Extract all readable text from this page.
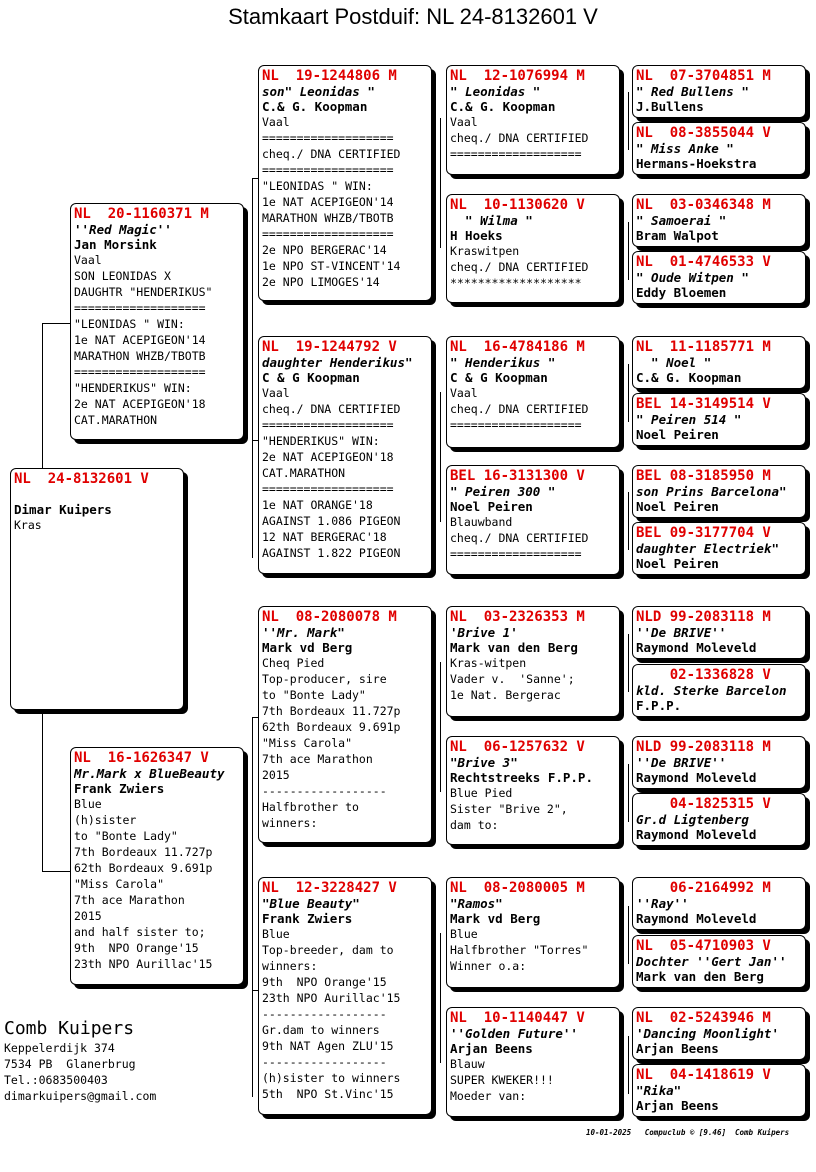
Stamkaart Postduif: NL 24-8132601 V
NL  24-8132601 V
Dimar Kuipers
Kras
NL  20-1160371 M
''Red Magic''
Jan Morsink
Vaal
SON LEONIDAS X
DAUGHTR "HENDERIKUS"
===================
"LEONIDAS " WIN:
1e NAT ACEPIGEON'14
MARATHON WHZB/TBOTB
===================
"HENDERIKUS" WIN:
2e NAT ACEPIGEON'18
CAT.MARATHON
NL  16-1626347 V
Mr.Mark x BlueBeauty
Frank Zwiers
Blue
(h)sister
to "Bonte Lady"
7th Bordeaux 11.727p
62th Bordeaux 9.691p
"Miss Carola"
7th ace Marathon
2015
and half sister to;
9th  NPO Orange'15
23th NPO Aurillac'15
NL  19-1244806 M
son" Leonidas "
C.& G. Koopman
Vaal
===================
cheq./ DNA CERTIFIED
===================
"LEONIDAS " WIN:
1e NAT ACEPIGEON'14
MARATHON WHZB/TBOTB
===================
2e NPO BERGERAC'14
1e NPO ST-VINCENT'14
2e NPO LIMOGES'14
NL  19-1244792 V
daughter Henderikus"
C & G Koopman
Vaal
cheq./ DNA CERTIFIED
===================
"HENDERIKUS" WIN:
2e NAT ACEPIGEON'18
CAT.MARATHON
===================
1e NAT ORANGE'18
AGAINST 1.086 PIGEON
12 NAT BERGERAC'18
AGAINST 1.822 PIGEON
NL  08-2080078 M
''Mr. Mark"
Mark vd Berg
Cheq Pied
Top-producer, sire
to "Bonte Lady"
7th Bordeaux 11.727p
62th Bordeaux 9.691p
"Miss Carola"
7th ace Marathon
2015
------------------
Halfbrother to
winners:
NL  12-3228427 V
"Blue Beauty"
Frank Zwiers
Blue
Top-breeder, dam to
winners:
9th  NPO Orange'15
23th NPO Aurillac'15
------------------
Gr.dam to winners
9th NAT Agen ZLU'15
------------------
(h)sister to winners
5th  NPO St.Vinc'15
NL  12-1076994 M
" Leonidas "
C.& G. Koopman
Vaal
cheq./ DNA CERTIFIED
===================
NL  10-1130620 V
" Wilma "
H Hoeks
Kraswitpen
cheq./ DNA CERTIFIED
*******************
NL  16-4784186 M
" Henderikus "
C & G Koopman
Vaal
cheq./ DNA CERTIFIED
===================
BEL 16-3131300 V
" Peiren 300 "
Noel Peiren
Blauwband
cheq./ DNA CERTIFIED
===================
NL  03-2326353 M
'Brive 1'
Mark van den Berg
Kras-witpen
Vader v.  'Sanne';
1e Nat. Bergerac
NL  06-1257632 V
"Brive 3"
Rechtstreeks F.P.P.
Blue Pied
Sister "Brive 2",
dam to:
NL  08-2080005 M
"Ramos"
Mark vd Berg
Blue
Halfbrother "Torres"
Winner o.a:
NL  10-1140447 V
''Golden Future''
Arjan Beens
Blauw
SUPER KWEKER!!!
Moeder van:
NL  07-3704851 M
" Red Bullens "
J.Bullens
NL  08-3855044 V
" Miss Anke "
Hermans-Hoekstra
NL  03-0346348 M
" Samoerai "
Bram Walpot
NL  01-4746533 V
" Oude Witpen "
Eddy Bloemen
NL  11-1185771 M
" Noel "
C.& G. Koopman
BEL 14-3149514 V
" Peiren 514 "
Noel Peiren
BEL 08-3185950 M
son Prins Barcelona"
Noel Peiren
BEL 09-3177704 V
daughter Electriek"
Noel Peiren
NLD 99-2083118 M
''De BRIVE''
Raymond Moleveld
02-1336828 V
kld. Sterke Barcelon
F.P.P.
NLD 99-2083118 M
''De BRIVE''
Raymond Moleveld
04-1825315 V
Gr.d Ligtenberg
Raymond Moleveld
06-2164992 M
''Ray''
Raymond Moleveld
NL  05-4710903 V
Dochter ''Gert Jan''
Mark van den Berg
NL  02-5243946 M
'Dancing Moonlight'
Arjan Beens
NL  04-1418619 V
"Rika"
Arjan Beens
Comb Kuipers
Keppelerdijk 374
7534 PB  Glanerbrug
Tel.:0683500403
dimarkuipers@gmail.com
10-01-2025   Compuclub © [9.46]  Comb Kuipers
